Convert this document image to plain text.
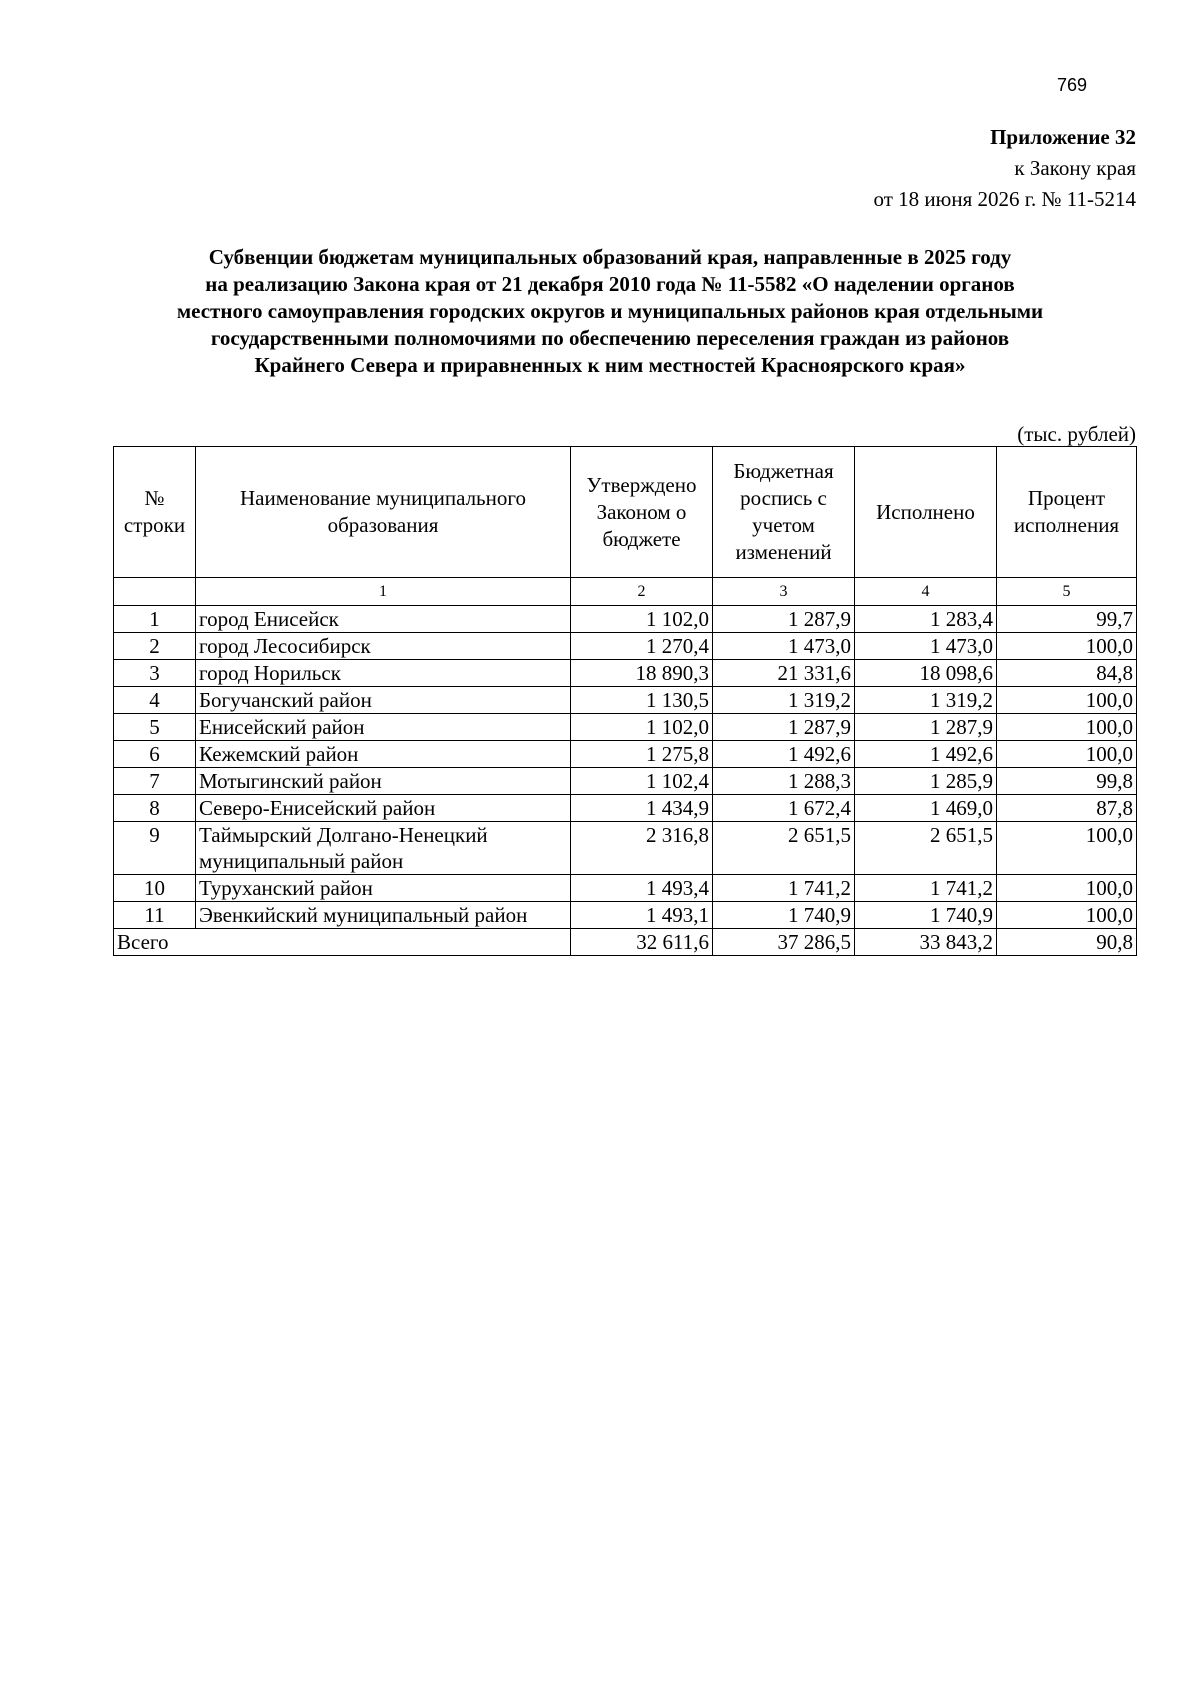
769
Приложение 32
к Закону края
от 18 июня 2026 г. № 11-5214
Субвенции бюджетам муниципальных образований края, направленные в 2025 году
на реализацию Закона края от 21 декабря 2010 года № 11-5582 «О наделении органов
местного самоуправления городских округов и муниципальных районов края отдельными
государственными полномочиями по обеспечению переселения граждан из районов
Крайнего Севера и приравненных к ним местностей Красноярского края»
(тыс. рублей)
№ строки	Наименование муниципального образования	Утверждено Законом о бюджете	Бюджетная роспись с учетом изменений	Исполнено	Процент исполнения
	1	2	3	4	5
1	город Енисейск	1 102,0	1 287,9	1 283,4	99,7
2	город Лесосибирск	1 270,4	1 473,0	1 473,0	100,0
3	город Норильск	18 890,3	21 331,6	18 098,6	84,8
4	Богучанский район	1 130,5	1 319,2	1 319,2	100,0
5	Енисейский район	1 102,0	1 287,9	1 287,9	100,0
6	Кежемский район	1 275,8	1 492,6	1 492,6	100,0
7	Мотыгинский район	1 102,4	1 288,3	1 285,9	99,8
8	Северо-Енисейский район	1 434,9	1 672,4	1 469,0	87,8
9	Таймырский Долгано-Ненецкий муниципальный район	2 316,8	2 651,5	2 651,5	100,0
10	Туруханский район	1 493,4	1 741,2	1 741,2	100,0
11	Эвенкийский муниципальный район	1 493,1	1 740,9	1 740,9	100,0
Всего		32 611,6	37 286,5	33 843,2	90,8
